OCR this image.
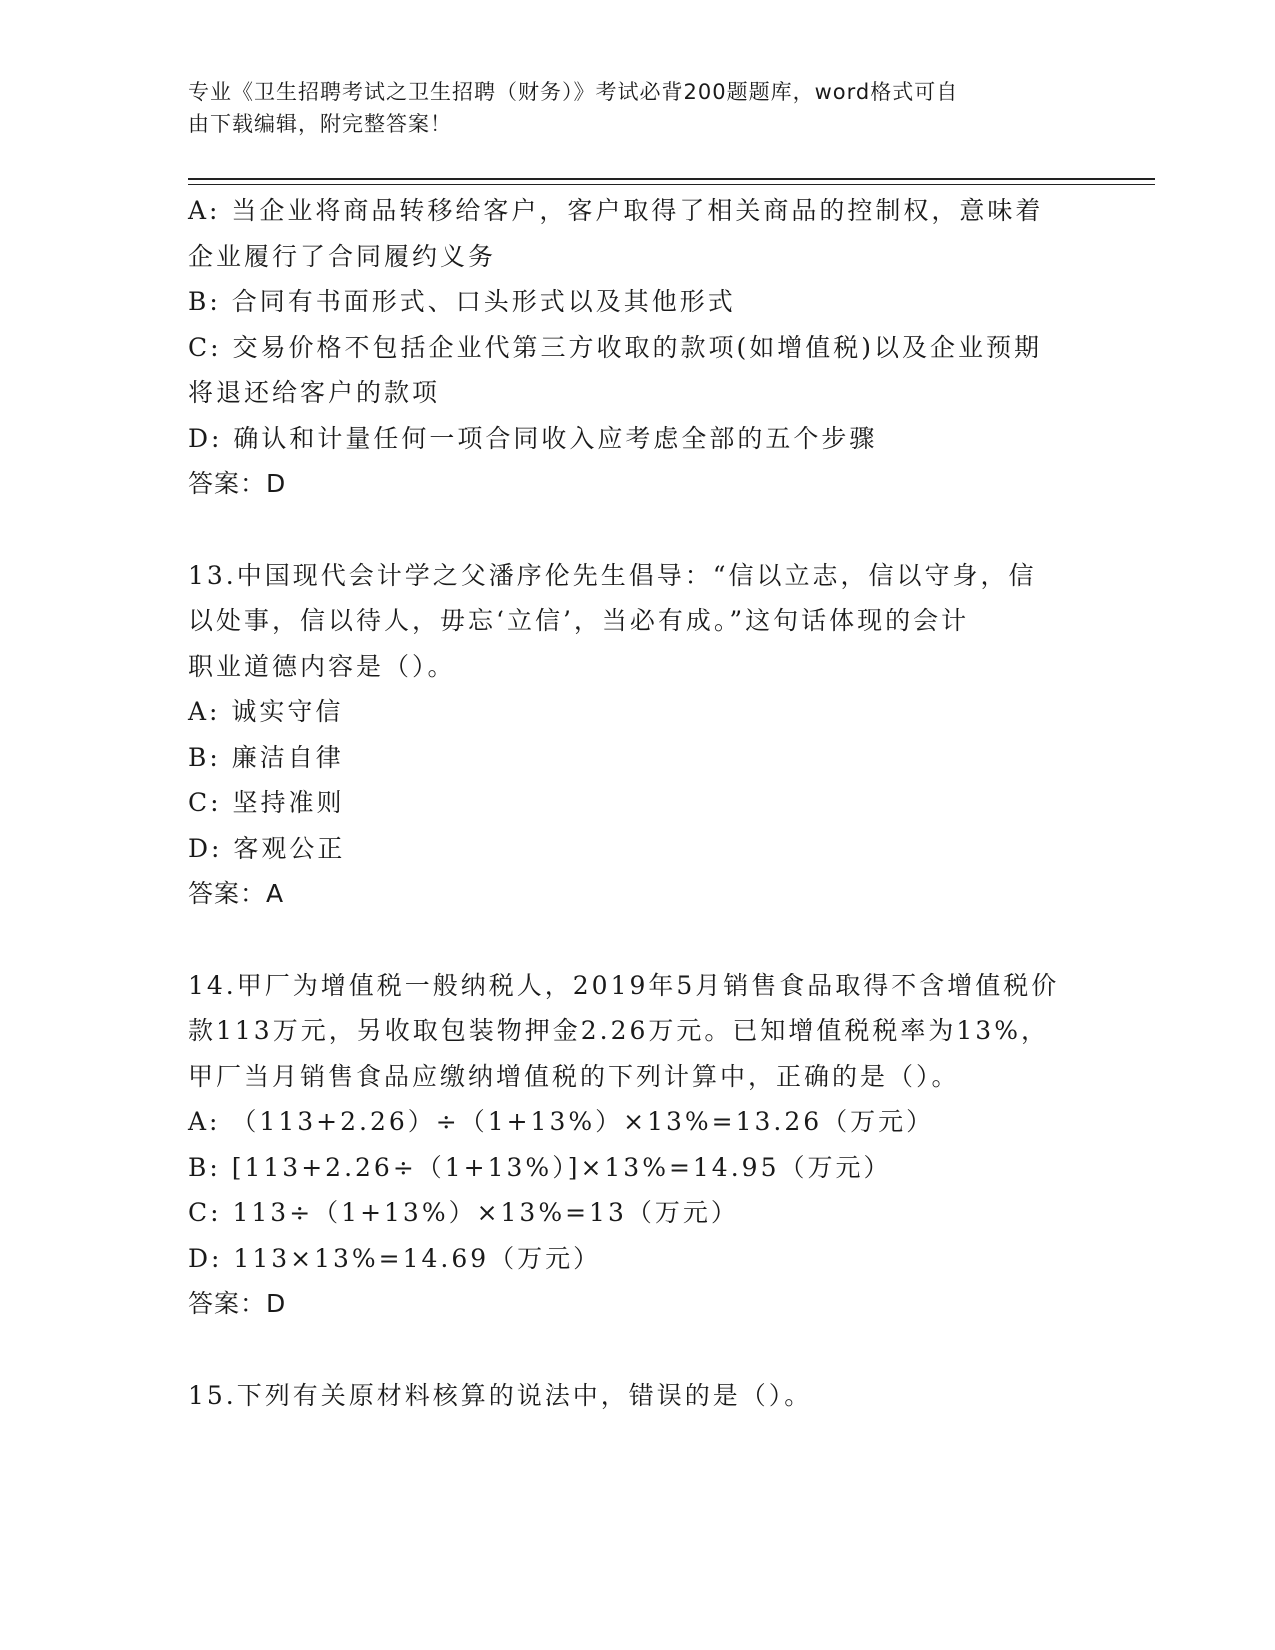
专业《卫生招聘考试之卫生招聘（财务）》考试必背200题题库，word格式可自
由下载编辑，附完整答案！
A: 当企业将商品转移给客户，客户取得了相关商品的控制权，意味着
企业履行了合同履约义务
B: 合同有书面形式、口头形式以及其他形式
C: 交易价格不包括企业代第三方收取的款项(如增值税)以及企业预期
将退还给客户的款项
D: 确认和计量任何一项合同收入应考虑全部的五个步骤
答案：D
13.中国现代会计学之父潘序伦先生倡导：“信以立志，信以守身，信
以处事，信以待人，毋忘‘立信’，当必有成。”这句话体现的会计
职业道德内容是（）。
A: 诚实守信
B: 廉洁自律
C: 坚持准则
D: 客观公正
答案：A
14.甲厂为增值税一般纳税人，2019年5月销售食品取得不含增值税价
款113万元，另收取包装物押金2.26万元。已知增值税税率为13%，
甲厂当月销售食品应缴纳增值税的下列计算中，正确的是（）。
A: （113+2.26）÷（1+13%）×13%=13.26（万元）
B: [113+2.26÷（1+13%）]×13%=14.95（万元）
C: 113÷（1+13%）×13%=13（万元）
D: 113×13%=14.69（万元）
答案：D
15.下列有关原材料核算的说法中，错误的是（）。
